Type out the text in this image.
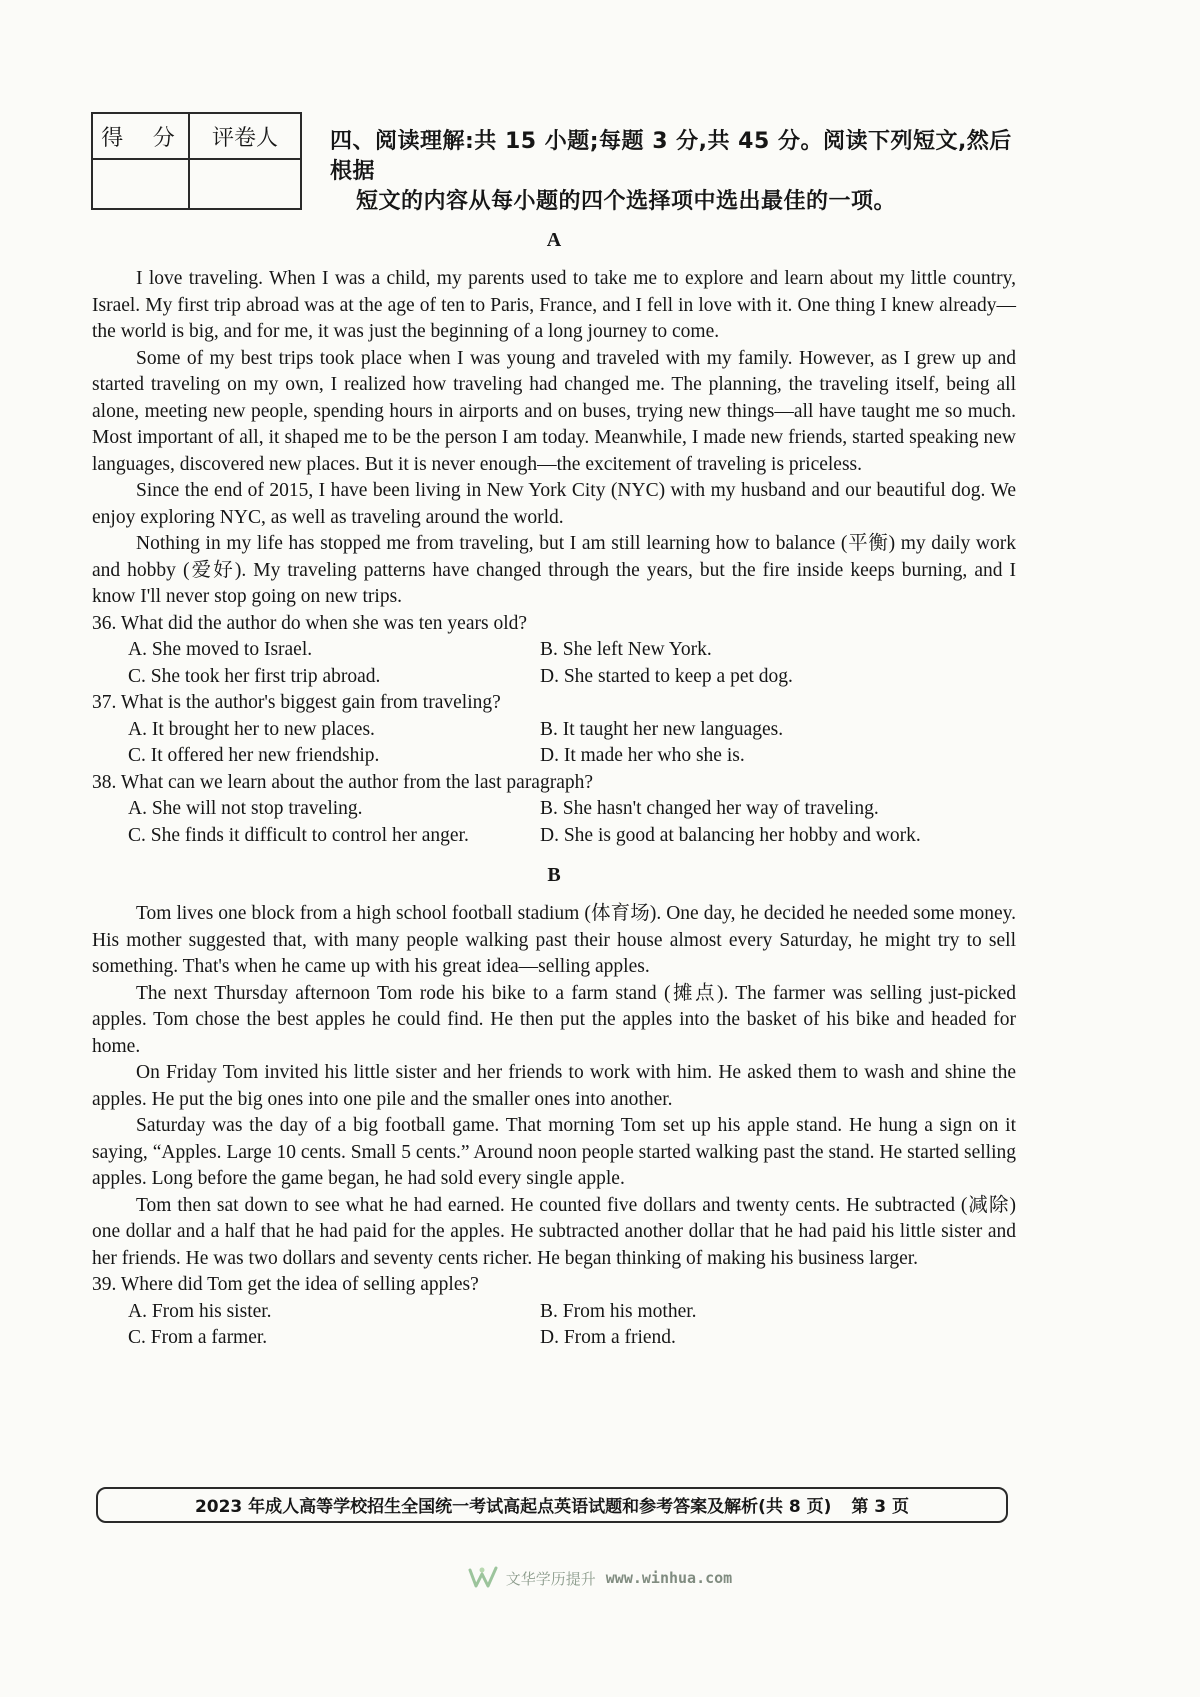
得 分	评卷人
	四、阅读理解:共 15 小题;每题 3 分,共 45 分。阅读下列短文,然后根据
短文的内容从每小题的四个选择项中选出最佳的一项。
A

I love traveling. When I was a child, my parents used to take me to explore and learn about my little country, Israel. My first trip abroad was at the age of ten to Paris, France, and I fell in love with it. One thing I knew already—the world is big, and for me, it was just the beginning of a long journey to come.

Some of my best trips took place when I was young and traveled with my family. However, as I grew up and started traveling on my own, I realized how traveling had changed me. The planning, the traveling itself, being all alone, meeting new people, spending hours in airports and on buses, trying new things—all have taught me so much. Most important of all, it shaped me to be the person I am today. Meanwhile, I made new friends, started speaking new languages, discovered new places. But it is never enough—the excitement of traveling is priceless.

Since the end of 2015, I have been living in New York City (NYC) with my husband and our beautiful dog. We enjoy exploring NYC, as well as traveling around the world.

Nothing in my life has stopped me from traveling, but I am still learning how to balance (平衡) my daily work and hobby (爱好). My traveling patterns have changed through the years, but the fire inside keeps burning, and I know I'll never stop going on new trips.

36. What did the author do when she was ten years old?

A. She moved to Israel.	B. She left New York.
C. She took her first trip abroad.	D. She started to keep a pet dog.

37. What is the author's biggest gain from traveling?

A. It brought her to new places.	B. It taught her new languages.
C. It offered her new friendship.	D. It made her who she is.

38. What can we learn about the author from the last paragraph?

A. She will not stop traveling.	B. She hasn't changed her way of traveling.
C. She finds it difficult to control her anger.	D. She is good at balancing her hobby and work.
B

Tom lives one block from a high school football stadium (体育场). One day, he decided he needed some money. His mother suggested that, with many people walking past their house almost every Saturday, he might try to sell something. That's when he came up with his great idea—selling apples.

The next Thursday afternoon Tom rode his bike to a farm stand (摊点). The farmer was selling just-picked apples. Tom chose the best apples he could find. He then put the apples into the basket of his bike and headed for home.

On Friday Tom invited his little sister and her friends to work with him. He asked them to wash and shine the apples. He put the big ones into one pile and the smaller ones into another.

Saturday was the day of a big football game. That morning Tom set up his apple stand. He hung a sign on it saying, “Apples. Large 10 cents. Small 5 cents.” Around noon people started walking past the stand. He started selling apples. Long before the game began, he had sold every single apple.

Tom then sat down to see what he had earned. He counted five dollars and twenty cents. He subtracted (减除) one dollar and a half that he had paid for the apples. He subtracted another dollar that he had paid his little sister and her friends. He was two dollars and seventy cents richer. He began thinking of making his business larger.

39. Where did Tom get the idea of selling apples?

A. From his sister.	B. From his mother.
C. From a farmer.	D. From a friend.
2023 年成人高等学校招生全国统一考试高起点英语试题和参考答案及解析(共 8 页) 第 3 页
文华学历提升 www.winhua.com
